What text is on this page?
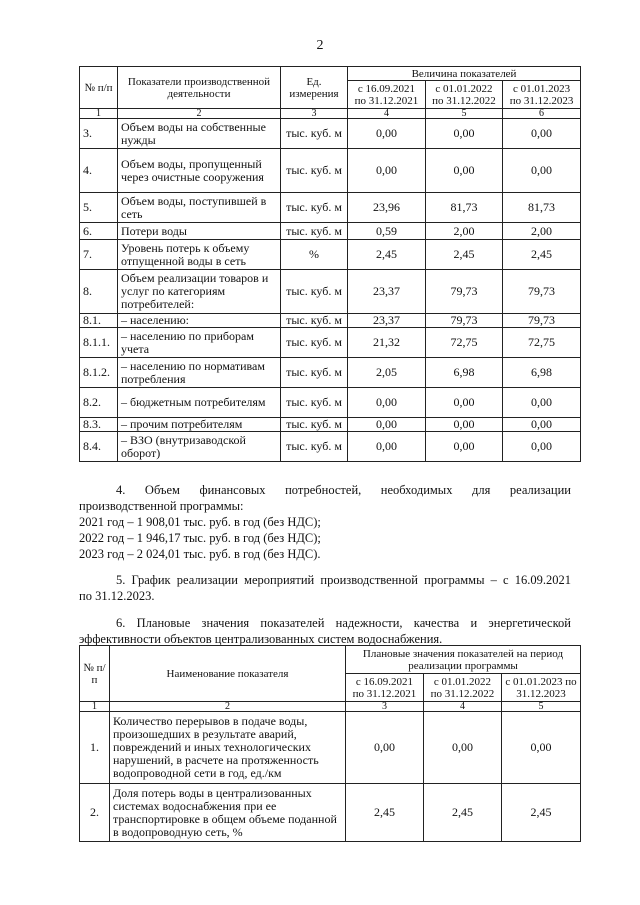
2
№ п/п	Показатели производственной деятельности	Ед. измерения	Величина показателей		
			с 16.09.2021 по 31.12.2021	с 01.01.2022 по 31.12.2022	с 01.01.2023 по 31.12.2023
1	2	3	4	5	6
3.	Объем воды на собственные нужды	тыс. куб. м	0,00	0,00	0,00
4.	Объем воды, пропущенный через очистные сооружения	тыс. куб. м	0,00	0,00	0,00
5.	Объем воды, поступившей в сеть	тыс. куб. м	23,96	81,73	81,73
6.	Потери воды	тыс. куб. м	0,59	2,00	2,00
7.	Уровень потерь к объему отпущенной воды в сеть	%	2,45	2,45	2,45
8.	Объем реализации товаров и услуг по категориям потребителей:	тыс. куб. м	23,37	79,73	79,73
8.1.	– населению:	тыс. куб. м	23,37	79,73	79,73
8.1.1.	– населению по приборам учета	тыс. куб. м	21,32	72,75	72,75
8.1.2.	– населению по нормативам потребления	тыс. куб. м	2,05	6,98	6,98
8.2.	– бюджетным потребителям	тыс. куб. м	0,00	0,00	0,00
8.3.	– прочим потребителям	тыс. куб. м	0,00	0,00	0,00
8.4.	– ВЗО (внутризаводской оборот)	тыс. куб. м	0,00	0,00	0,00

4. Объем финансовых потребностей, необходимых для реализации

производственной программы:

2021 год – 1 908,01 тыс. руб. в год (без НДС);

2022 год – 1 946,17 тыс. руб. в год (без НДС);

2023 год – 2 024,01 тыс. руб. в год (без НДС).

5. График реализации мероприятий производственной программы – с 16.09.2021

по 31.12.2023.

6. Плановые значения показателей надежности, качества и энергетической

эффективности объектов централизованных систем водоснабжения.

№ п/п	Наименование показателя	Плановые значения показателей на период реализации программы		
		с 16.09.2021 по 31.12.2021	с 01.01.2022 по 31.12.2022	с 01.01.2023 по 31.12.2023
1	2	3	4	5
1.	Количество перерывов в подаче воды, произошедших в результате аварий, повреждений и иных технологических нарушений, в расчете на протяженность водопроводной сети в год, ед./км	0,00	0,00	0,00
2.	Доля потерь воды в централизованных системах водоснабжения при ее транспортировке в общем объеме поданной в водопроводную сеть, %	2,45	2,45	2,45
